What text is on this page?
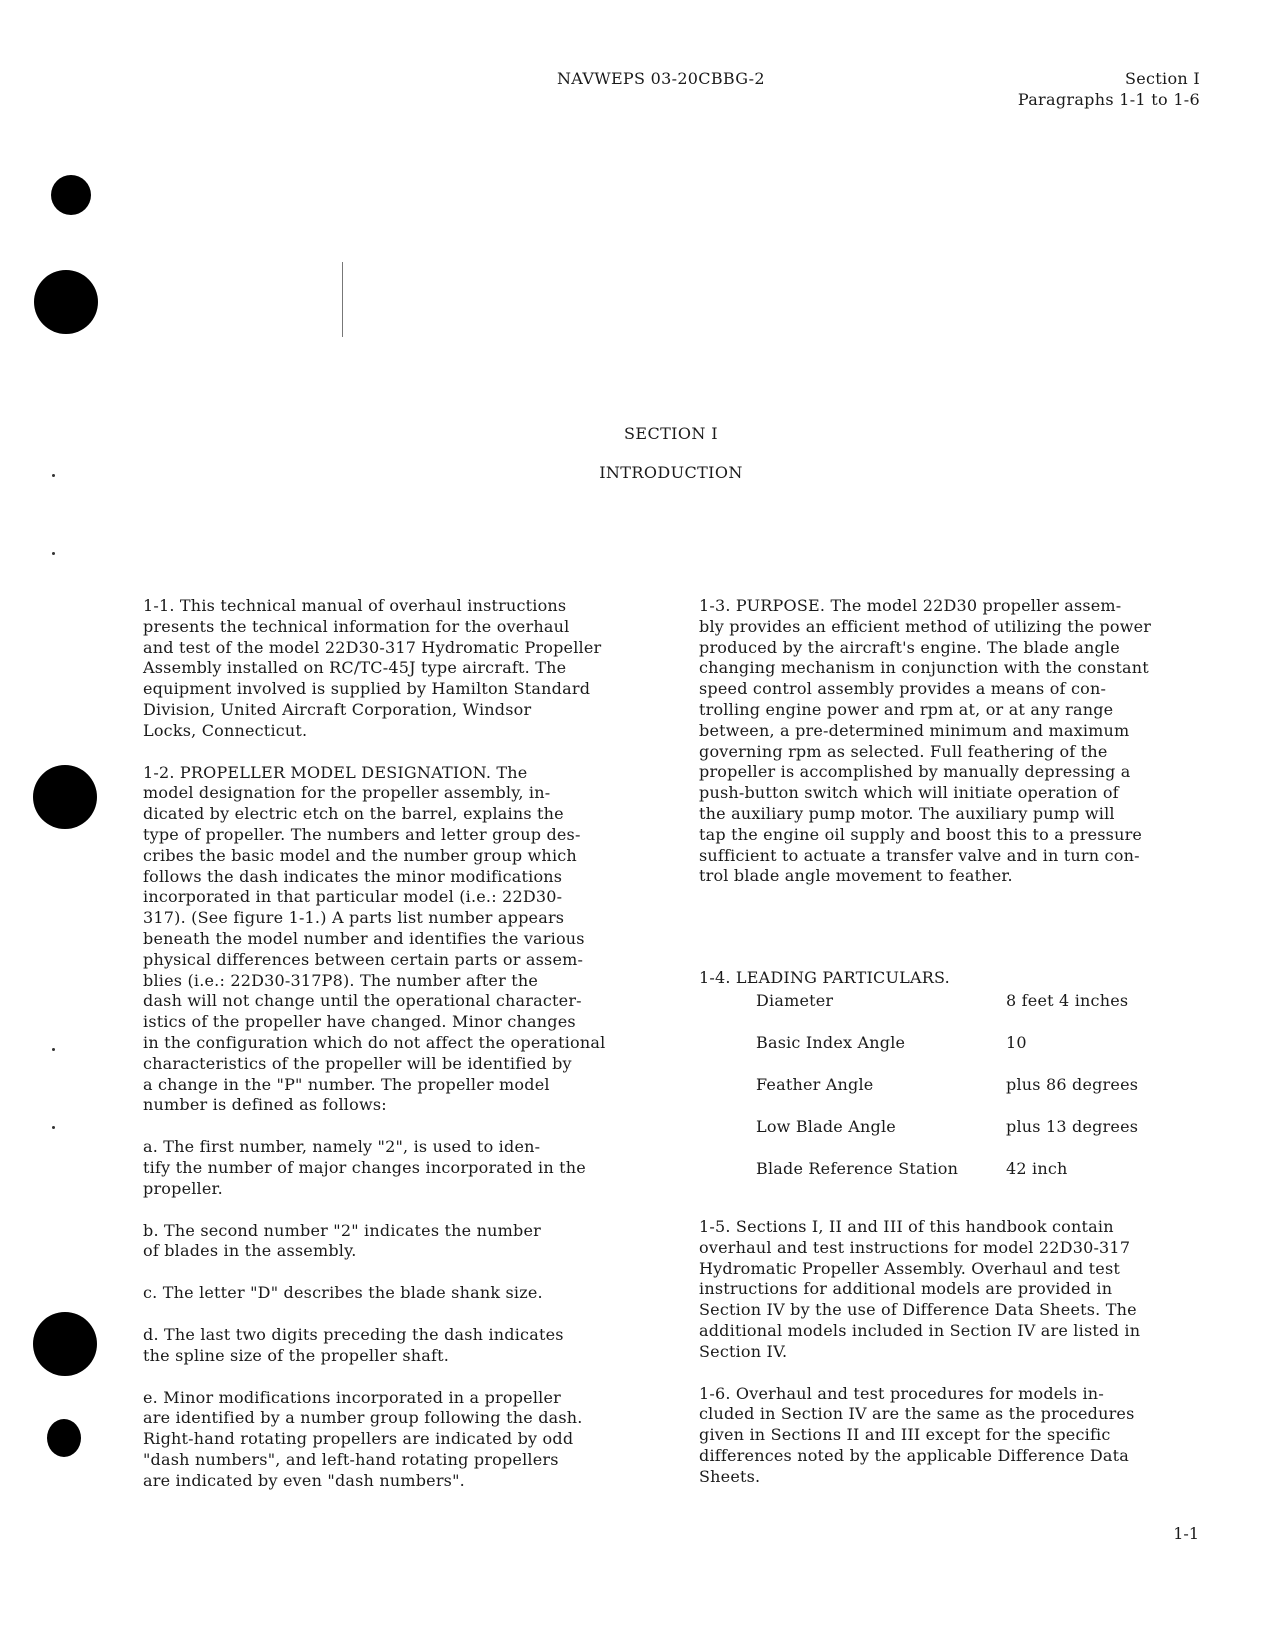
NAVWEPS 03-20CBBG-2	Section I
Paragraphs 1-1 to 1-6
SECTION I
INTRODUCTION

1-1. This technical manual of overhaul instructions
presents the technical information for the overhaul
and test of the model 22D30-317 Hydromatic Propeller
Assembly installed on RC/TC-45J type aircraft. The
equipment involved is supplied by Hamilton Standard
Division, United Aircraft Corporation, Windsor
Locks, Connecticut.

1-2. PROPELLER MODEL DESIGNATION. The
model designation for the propeller assembly, in-
dicated by electric etch on the barrel, explains the
type of propeller. The numbers and letter group des-
cribes the basic model and the number group which
follows the dash indicates the minor modifications
incorporated in that particular model (i.e.: 22D30-
317). (See figure 1-1.) A parts list number appears
beneath the model number and identifies the various
physical differences between certain parts or assem-
blies (i.e.: 22D30-317P8). The number after the
dash will not change until the operational character-
istics of the propeller have changed. Minor changes
in the configuration which do not affect the operational
characteristics of the propeller will be identified by
a change in the "P" number. The propeller model
number is defined as follows:

a. The first number, namely "2", is used to iden-
tify the number of major changes incorporated in the
propeller.

b. The second number "2" indicates the number
of blades in the assembly.

c. The letter "D" describes the blade shank size.

d. The last two digits preceding the dash indicates
the spline size of the propeller shaft.

e. Minor modifications incorporated in a propeller
are identified by a number group following the dash.
Right-hand rotating propellers are indicated by odd
"dash numbers", and left-hand rotating propellers
are indicated by even "dash numbers".

1-3. PURPOSE. The model 22D30 propeller assem-
bly provides an efficient method of utilizing the power
produced by the aircraft's engine. The blade angle
changing mechanism in conjunction with the constant
speed control assembly provides a means of con-
trolling engine power and rpm at, or at any range
between, a pre-determined minimum and maximum
governing rpm as selected. Full feathering of the
propeller is accomplished by manually depressing a
push-button switch which will initiate operation of
the auxiliary pump motor. The auxiliary pump will
tap the engine oil supply and boost this to a pressure
sufficient to actuate a transfer valve and in turn con-
trol blade angle movement to feather.

1-4. LEADING PARTICULARS.

Diameter	8 feet 4 inches
Basic Index Angle	10
Feather Angle	plus 86 degrees
Low Blade Angle	plus 13 degrees
Blade Reference Station	42 inch

1-5. Sections I, II and III of this handbook contain
overhaul and test instructions for model 22D30-317
Hydromatic Propeller Assembly. Overhaul and test
instructions for additional models are provided in
Section IV by the use of Difference Data Sheets. The
additional models included in Section IV are listed in
Section IV.

1-6. Overhaul and test procedures for models in-
cluded in Section IV are the same as the procedures
given in Sections II and III except for the specific
differences noted by the applicable Difference Data
Sheets.

1-1
